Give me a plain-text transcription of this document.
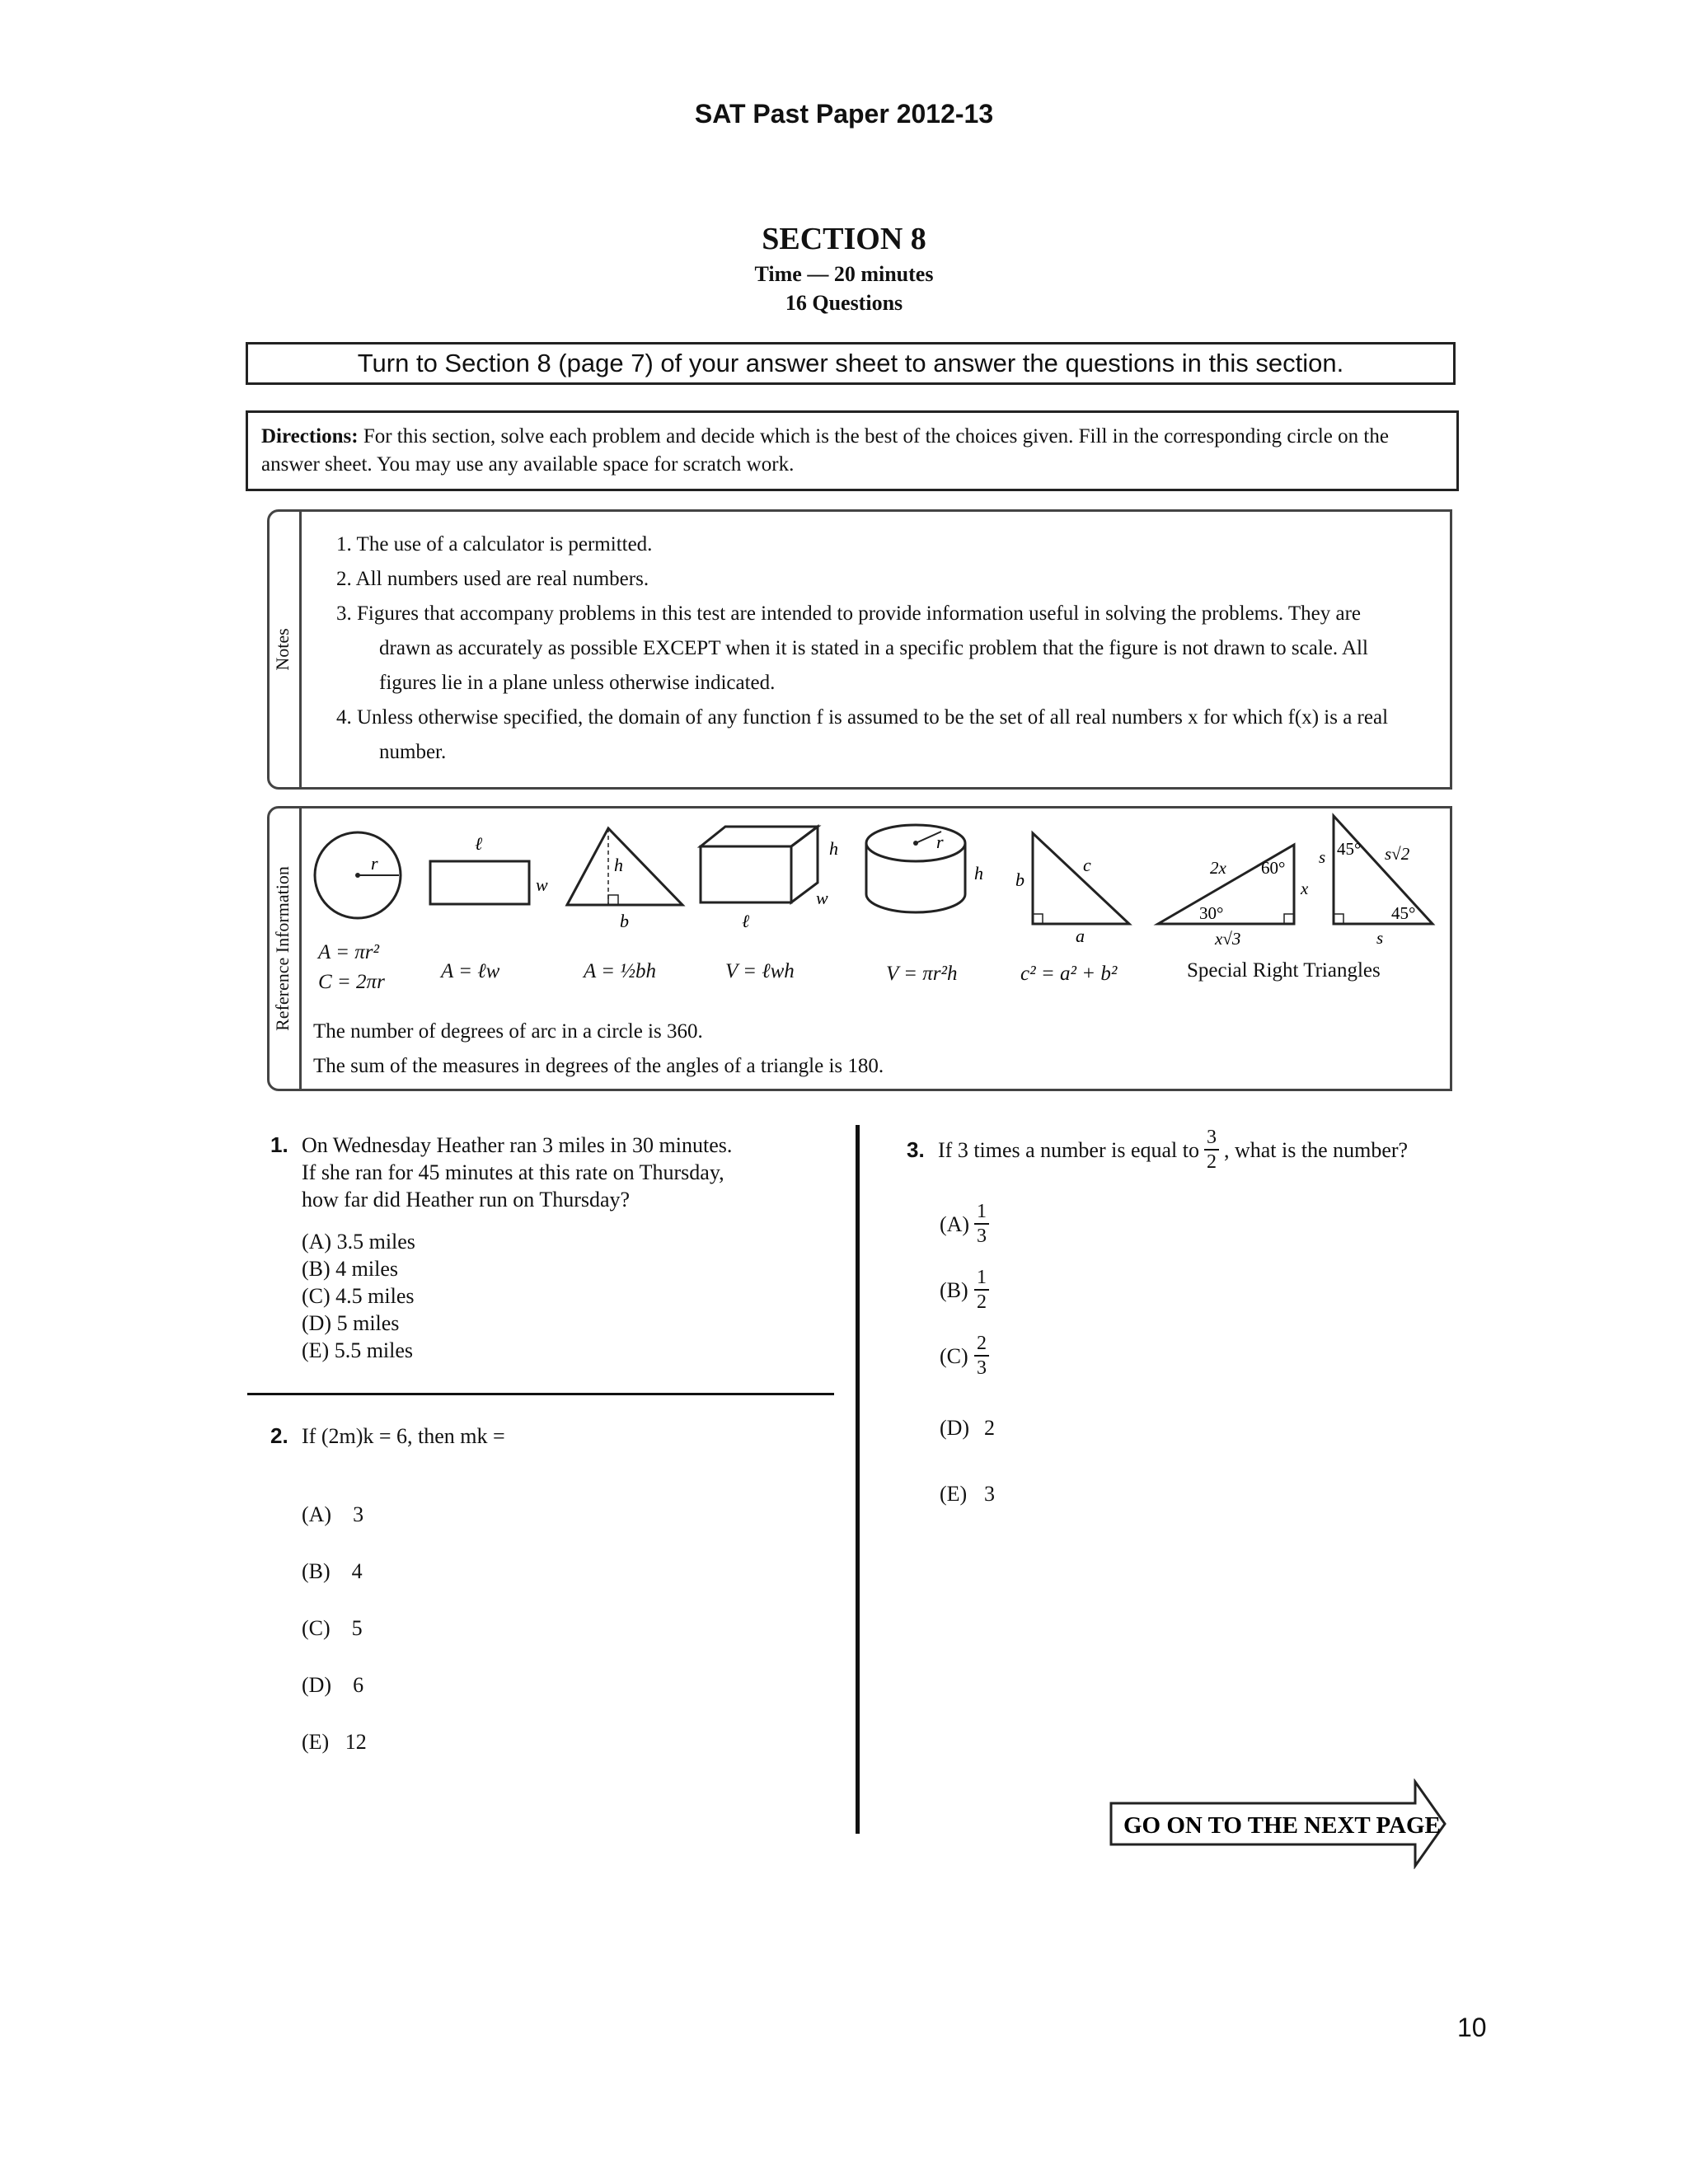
SAT Past Paper 2012-13
SECTION 8
Time — 20 minutes
16 Questions
Turn to Section 8 (page 7) of your answer sheet to answer the questions in this section.
Directions: For this section, solve each problem and decide which is the best of the choices given. Fill in the corresponding circle on the answer sheet. You may use any available space for scratch work.
Notes
1. The use of a calculator is permitted.
2. All numbers used are real numbers.
3. Figures that accompany problems in this test are intended to provide information useful in solving the problems. They are drawn as accurately as possible EXCEPT when it is stated in a specific problem that the figure is not drawn to scale. All figures lie in a plane unless otherwise indicated.
4. Unless otherwise specified, the domain of any function f is assumed to be the set of all real numbers x for which f(x) is a real number.
Reference Information
r
ℓ
w
h
b
h
w
ℓ
r
h b
c
a
2x 60°
x
30°
x√3
45°
s	s√2
45°
s
A = πr²
C = 2πr	A = ℓw	A = ½bh	V = ℓwh	V = πr²h	c² = a² + b²	Special Right Triangles
The number of degrees of arc in a circle is 360.
The sum of the measures in degrees of the angles of a triangle is 180.
1. On Wednesday Heather ran 3 miles in 30 minutes.
If she ran for 45 minutes at this rate on Thursday,
how far did Heather run on Thursday?
(A) 3.5 miles
(B) 4 miles
(C) 4.5 miles
(D) 5 miles
(E) 5.5 miles
2. If (2m)k = 6, then mk =

(A)    3

(B)    4

(C)    5

(D)    6

(E)   12

3. If 3 times a number is equal to $\frac{3}{2}$ , what is the number?
$(A) \frac{1}{3}$
$(B) \frac{1}{2}$
$(C) \frac{2}{3}$
(D) 2
(E) 3
GO ON TO THE NEXT PAGE
10
